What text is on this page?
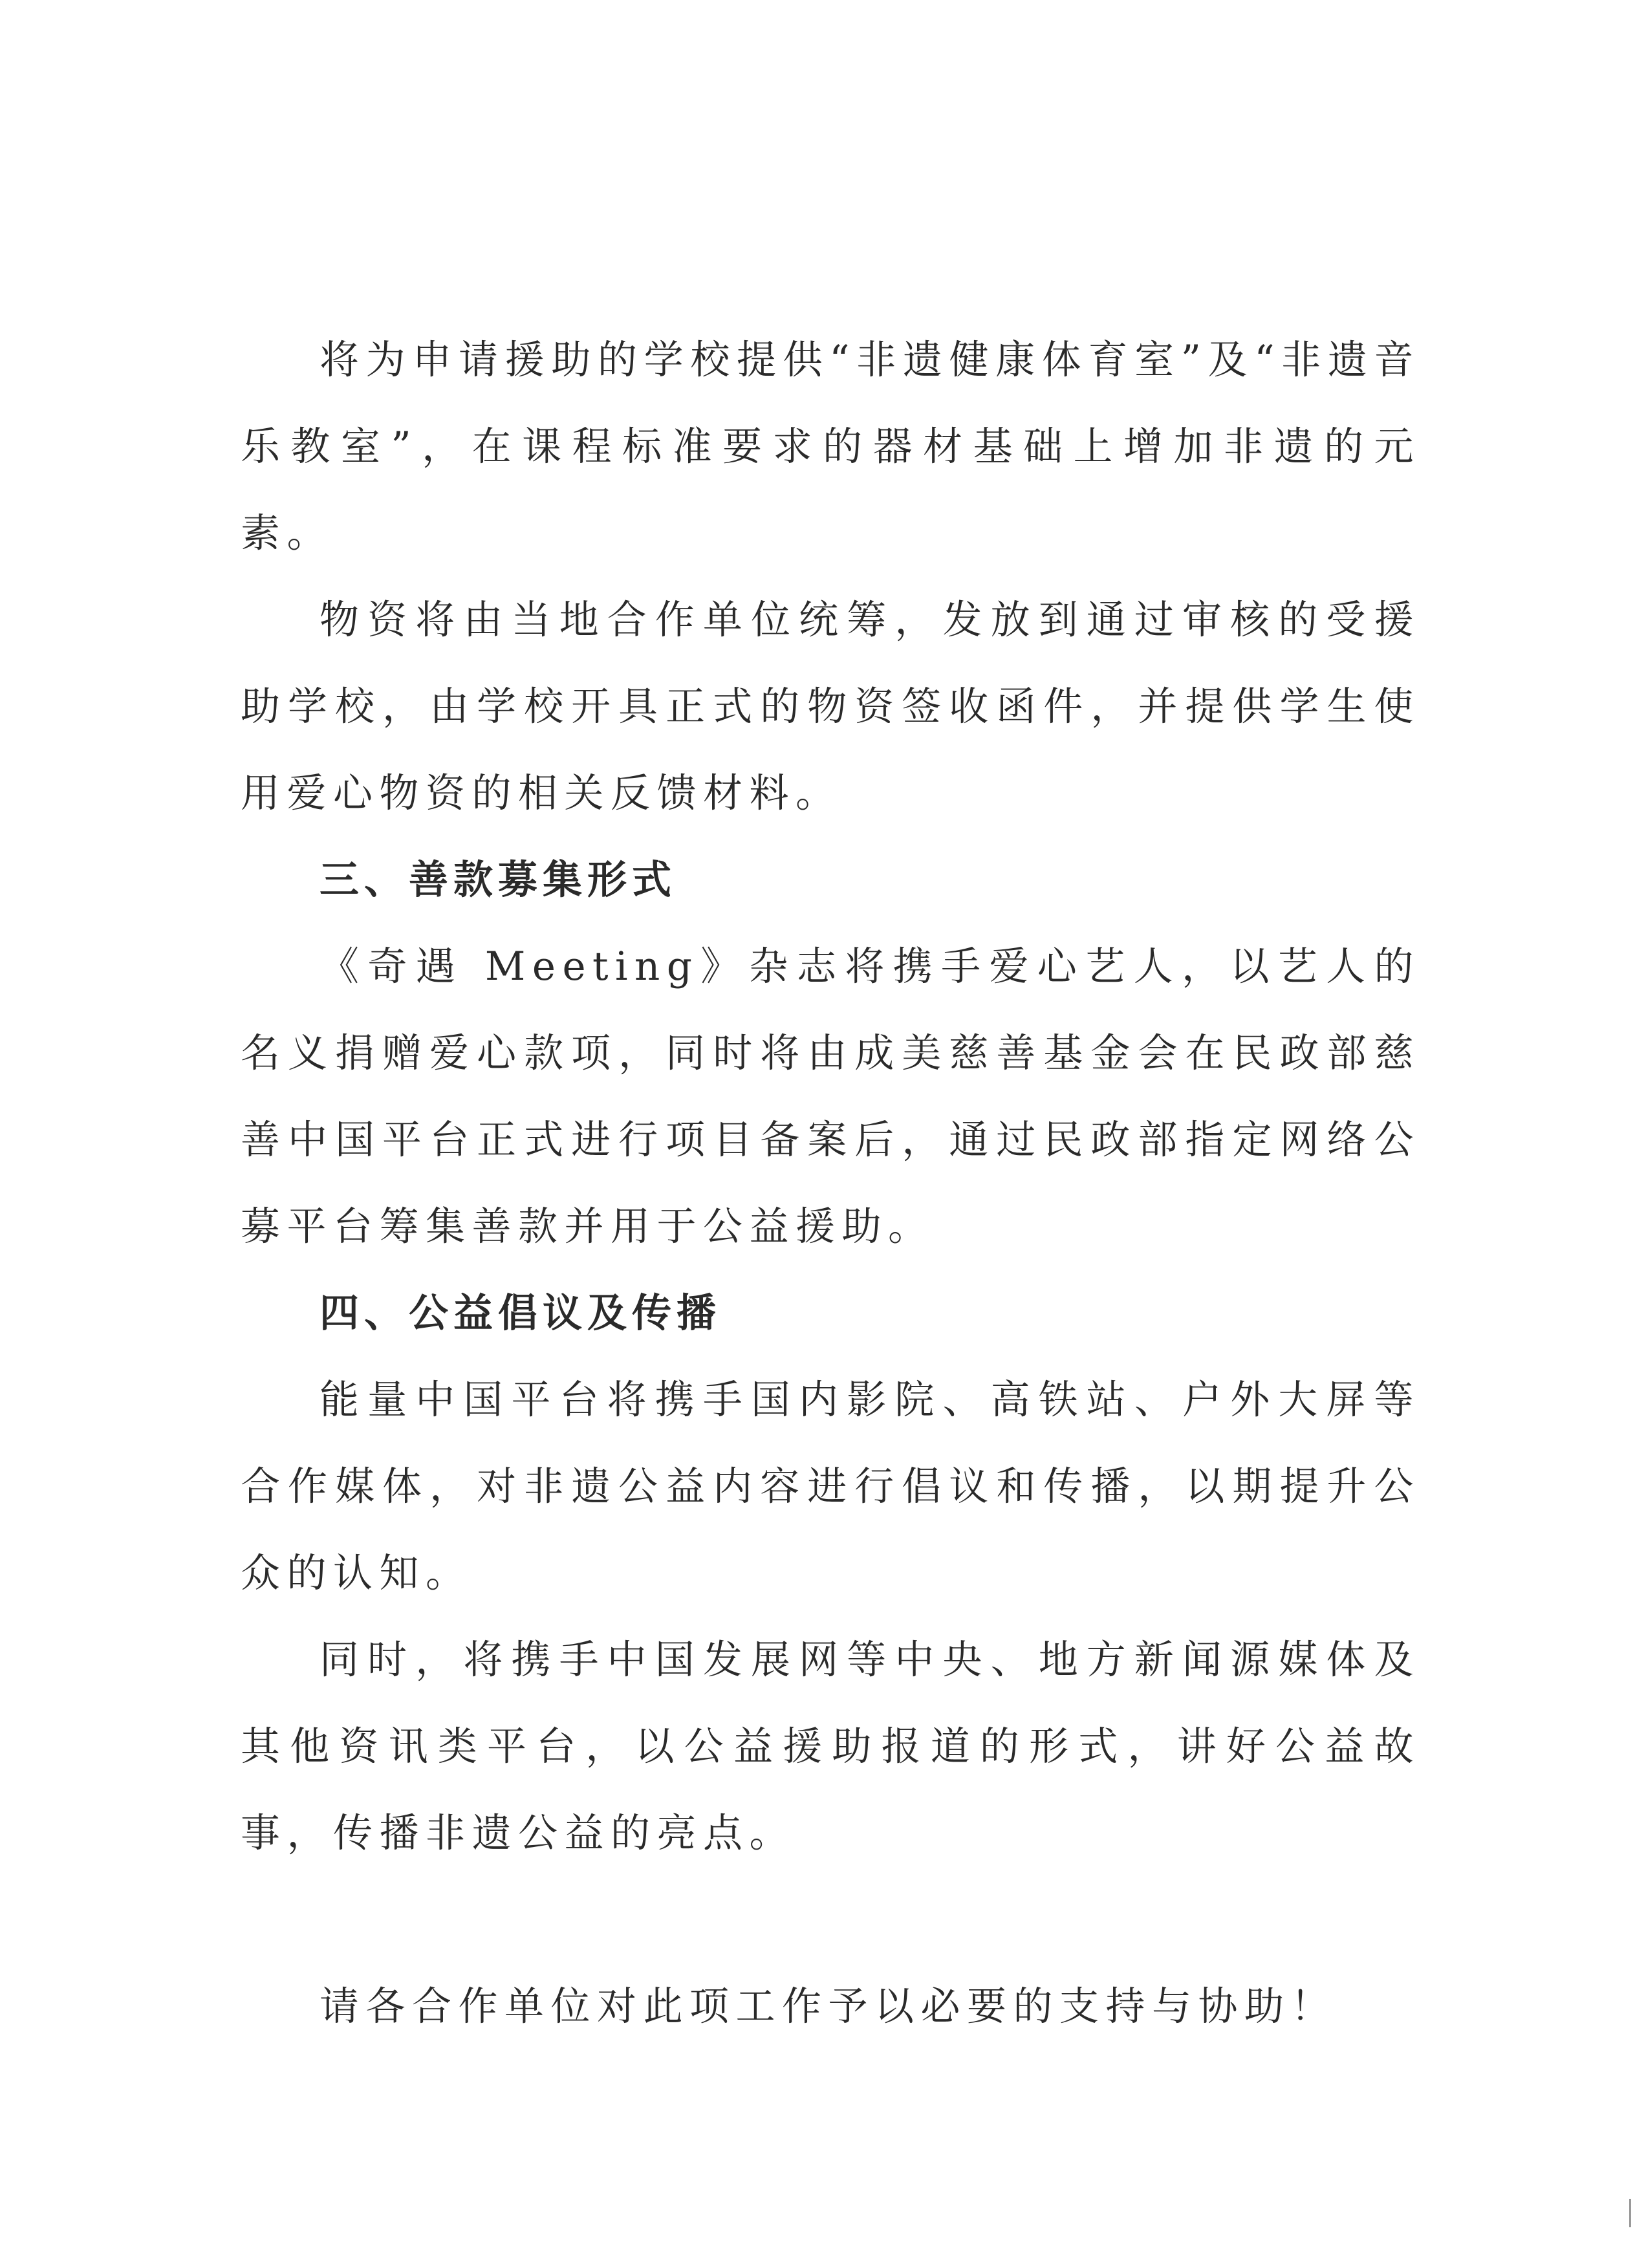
将为申请援助的学校提供“非遗健康体育室”及“非遗音乐教室”，在课程标准要求的器材基础上增加非遗的元素。

物资将由当地合作单位统筹，发放到通过审核的受援助学校，由学校开具正式的物资签收函件，并提供学生使用爱心物资的相关反馈材料。

三、善款募集形式

《奇遇 Meeting》杂志将携手爱心艺人，以艺人的名义捐赠爱心款项，同时将由成美慈善基金会在民政部慈善中国平台正式进行项目备案后，通过民政部指定网络公募平台筹集善款并用于公益援助。

四、公益倡议及传播

能量中国平台将携手国内影院、高铁站、户外大屏等合作媒体，对非遗公益内容进行倡议和传播，以期提升公众的认知。

同时，将携手中国发展网等中央、地方新闻源媒体及其他资讯类平台，以公益援助报道的形式，讲好公益故事，传播非遗公益的亮点。

请各合作单位对此项工作予以必要的支持与协助！
